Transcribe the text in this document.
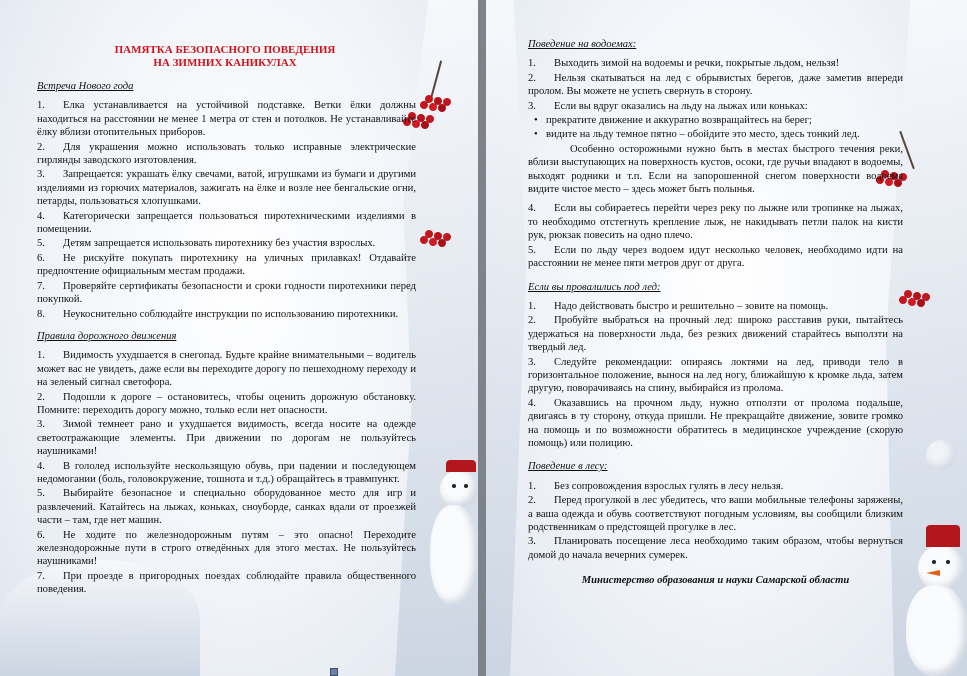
ПАМЯТКА БЕЗОПАСНОГО ПОВЕДЕНИЯ
НА ЗИМНИХ КАНИКУЛАХ
Встреча Нового года
1. Елка устанавливается на устойчивой подставке. Ветки ёлки должны находиться на расстоянии не менее 1 метра от стен и потолков. Не устанавливайте ёлку вблизи отопительных приборов.
2. Для украшения можно использовать только исправные электрические гирлянды заводского изготовления.
3. Запрещается: украшать ёлку свечами, ватой, игрушками из бумаги и другими изделиями из горючих материалов, зажигать на ёлке и возле нее бенгальские огни, петарды, пользоваться хлопушками.
4. Категорически запрещается пользоваться пиротехническими изделиями в помещении.
5. Детям запрещается использовать пиротехнику без участия взрослых.
6. Не рискуйте покупать пиротехнику на уличных прилавках! Отдавайте предпочтение официальным местам продажи.
7. Проверяйте сертификаты безопасности и сроки годности пиротехники перед покупкой.
8. Неукоснительно соблюдайте инструкции по использованию пиротехники.
Правила дорожного движения
1. Видимость ухудшается в снегопад. Будьте крайне внимательными – водитель может вас не увидеть, даже если вы переходите дорогу по пешеходному переходу и на зеленый сигнал светофора.
2. Подошли к дороге – остановитесь, чтобы оценить дорожную обстановку. Помните: переходить дорогу можно, только если нет опасности.
3. Зимой темнеет рано и ухудшается видимость, всегда носите на одежде светоотражающие элементы. При движении по дорогам не пользуйтесь наушниками!
4. В гололед используйте нескользящую обувь, при падении и последующем недомогании (боль, головокружение, тошнота и т.д.) обращайтесь в травмпункт.
5. Выбирайте безопасное и специально оборудованное место для игр и развлечений. Катайтесь на лыжах, коньках, сноуборде, санках вдали от проезжей части – там, где нет машин.
6. Не ходите по железнодорожным путям – это опасно! Переходите железнодорожные пути в строго отведённых для этого местах. Не пользуйтесь наушниками!
7. При проезде в пригородных поездах соблюдайте правила общественного поведения.
Поведение на водоемах:
1. Выходить зимой на водоемы и речки, покрытые льдом, нельзя!
2. Нельзя скатываться на лед с обрывистых берегов, даже заметив впереди пролом. Вы можете не успеть свернуть в сторону.
3. Если вы вдруг оказались на льду на лыжах или коньках:
• прекратите движение и аккуратно возвращайтесь на берег;
• видите на льду темное пятно – обойдите это место, здесь тонкий лед.
Особенно осторожными нужно быть в местах быстрого течения реки, вблизи выступающих на поверхность кустов, осоки, где ручьи впадают в водоемы, выходят родники и т.п. Если на запорошенной снегом поверхности водоема видите чистое место – здесь может быть полынья.
4. Если вы собираетесь перейти через реку по лыжне или тропинке на лыжах, то необходимо отстегнуть крепление лыж, не накидывать петли палок на кисти рук, рюкзак повесить на одно плечо.
5. Если по льду через водоем идут несколько человек, необходимо идти на расстоянии не менее пяти метров друг от друга.
Если вы провалились под лед:
1. Надо действовать быстро и решительно – зовите на помощь.
2. Пробуйте выбраться на прочный лед: широко расставив руки, пытайтесь удержаться на поверхности льда, без резких движений старайтесь выползти на твердый лед.
3. Следуйте рекомендации: опираясь локтями на лед, приводи тело в горизонтальное положение, вынося на лед ногу, ближайшую к кромке льда, затем другую, поворачиваясь на спину, выбирайся из пролома.
4. Оказавшись на прочном льду, нужно отползти от пролома подальше, двигаясь в ту сторону, откуда пришли. Не прекращайте движение, зовите громко на помощь и по возможности обратитесь в медицинское учреждение (скорую помощь) или полицию.
Поведение в лесу:
1. Без сопровождения взрослых гулять в лесу нельзя.
2. Перед прогулкой в лес убедитесь, что ваши мобильные телефоны заряжены, а ваша одежда и обувь соответствуют погодным условиям, вы сообщили близким родственникам о предстоящей прогулке в лес.
3. Планировать посещение леса необходимо таким образом, чтобы вернуться домой до начала вечерних сумерек.
Министерство образования и науки Самарской области
